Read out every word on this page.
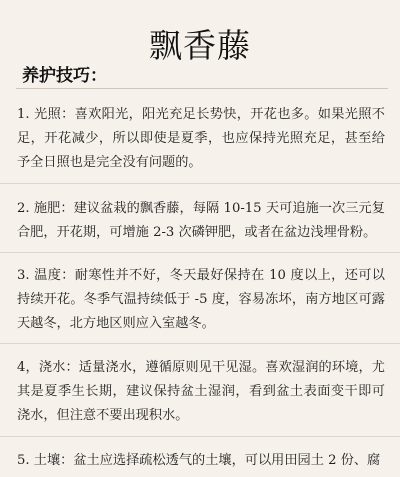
飘香藤
养护技巧：
1. 光照：喜欢阳光，阳光充足长势快，开花也多。如果光照不足，开花减少，所以即使是夏季，也应保持光照充足，甚至给予全日照也是完全没有问题的。
2. 施肥：建议盆栽的飘香藤，每隔 10-15 天可追施一次三元复合肥，开花期，可增施 2-3 次磷钾肥，或者在盆边浅埋骨粉。
3. 温度：耐寒性并不好，冬天最好保持在 10 度以上，还可以持续开花。冬季气温持续低于 -5 度，容易冻坏，南方地区可露天越冬，北方地区则应入室越冬。
4，浇水：适量浇水，遵循原则见干见湿。喜欢湿润的环境，尤其是夏季生长期，建议保持盆土湿润，看到盆土表面变干即可浇水，但注意不要出现积水。
5. 土壤：盆土应选择疏松透气的土壤，可以用田园土 2 份、腐
